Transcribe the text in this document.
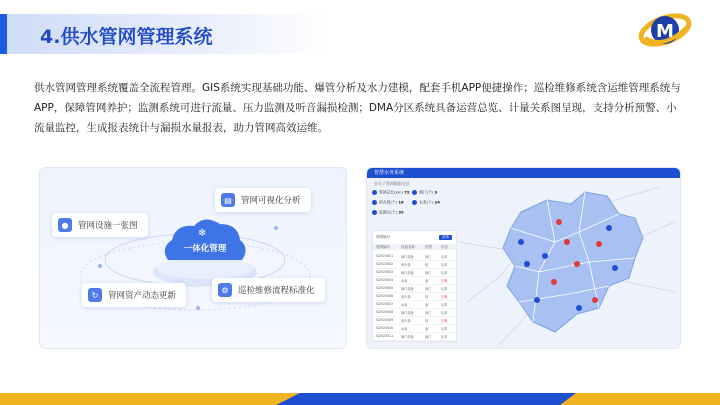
4.供水管网管理系统	M

供水管网管理系统覆盖全流程管理。GIS系统实现基础功能、爆管分析及水力建模，配套手机APP便捷操作；巡检维修系统含运维管理系统与APP，保障管网养护；监测系统可进行流量、压力监测及听音漏损检测；DMA分区系统具备运营总览、计量关系图呈现，支持分析预警、小流量监控，生成报表统计与漏损水量报表，助力管网高效运维。

❄
一体化管理
▤	管网可视化分析
●	管网设施一张图
↻	管网资产动态更新
⚙	巡检维修流程标准化
智慧水务系统
首页 / 管网数据分区
管网总长(km) 72	阀门(个) 9
消火栓(个) 16	水表(个) 24
监测点(个) 39
管网编号	查询
管网编号	设备名称	类型	状态
SJ2023001 阀门设备	阀门	正常
SJ2023002 消火栓	栓	正常
SJ2023003 阀门设备	阀门	正常
SJ2023004 水表	表	告警
SJ2023005 阀门设备	阀门	正常
SJ2023006 消火栓	栓	告警
SJ2023007 水表	表	正常
SJ2023008 阀门设备	阀门	正常
SJ2023009 消火栓	栓	告警
SJ2023010 水表	表	正常
SJ2023011 阀门设备	阀门	正常
